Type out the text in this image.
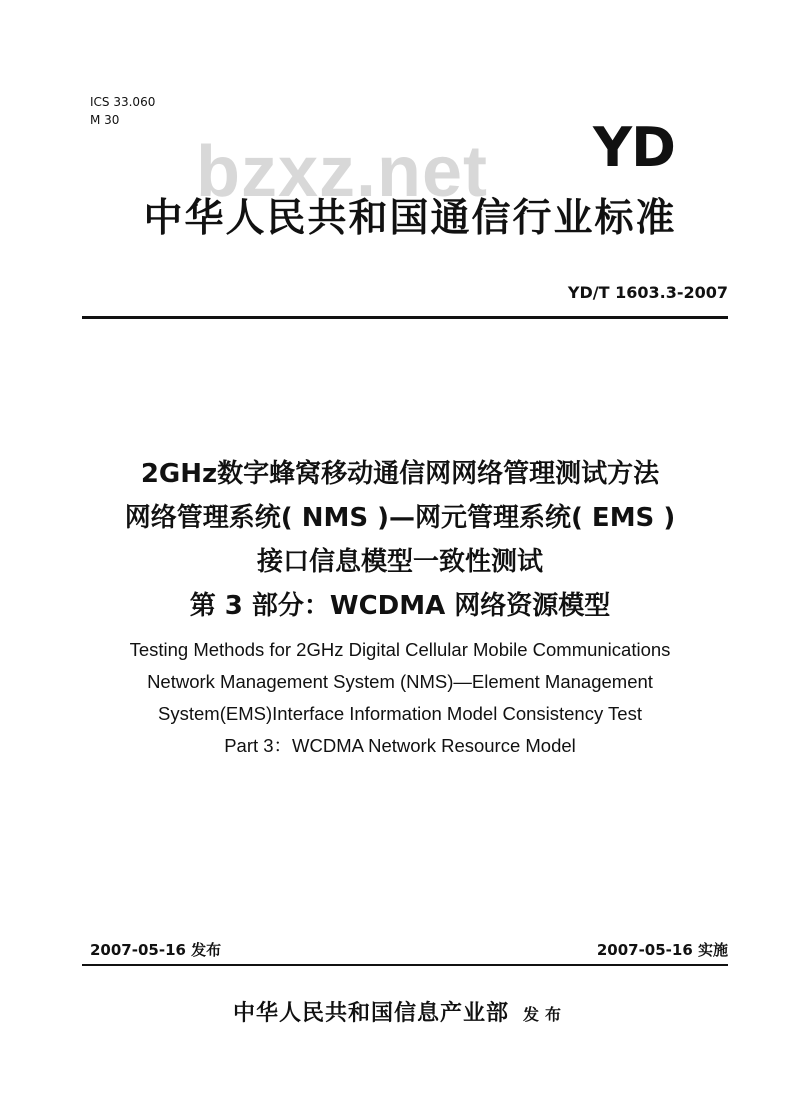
ICS 33.060
M 30
bzxz.net YD
中华人民共和国通信行业标准
YD/T 1603.3-2007
2GHz数字蜂窝移动通信网网络管理测试方法
网络管理系统( NMS )—网元管理系统( EMS )
接口信息模型一致性测试
第 3 部分：WCDMA 网络资源模型
Testing Methods for 2GHz Digital Cellular Mobile Communications
Network Management System (NMS)—Element Management
System(EMS)Interface Information Model Consistency Test
Part 3：WCDMA Network Resource Model
2007-05-16 发布	2007-05-16 实施
中华人民共和国信息产业部 发布
